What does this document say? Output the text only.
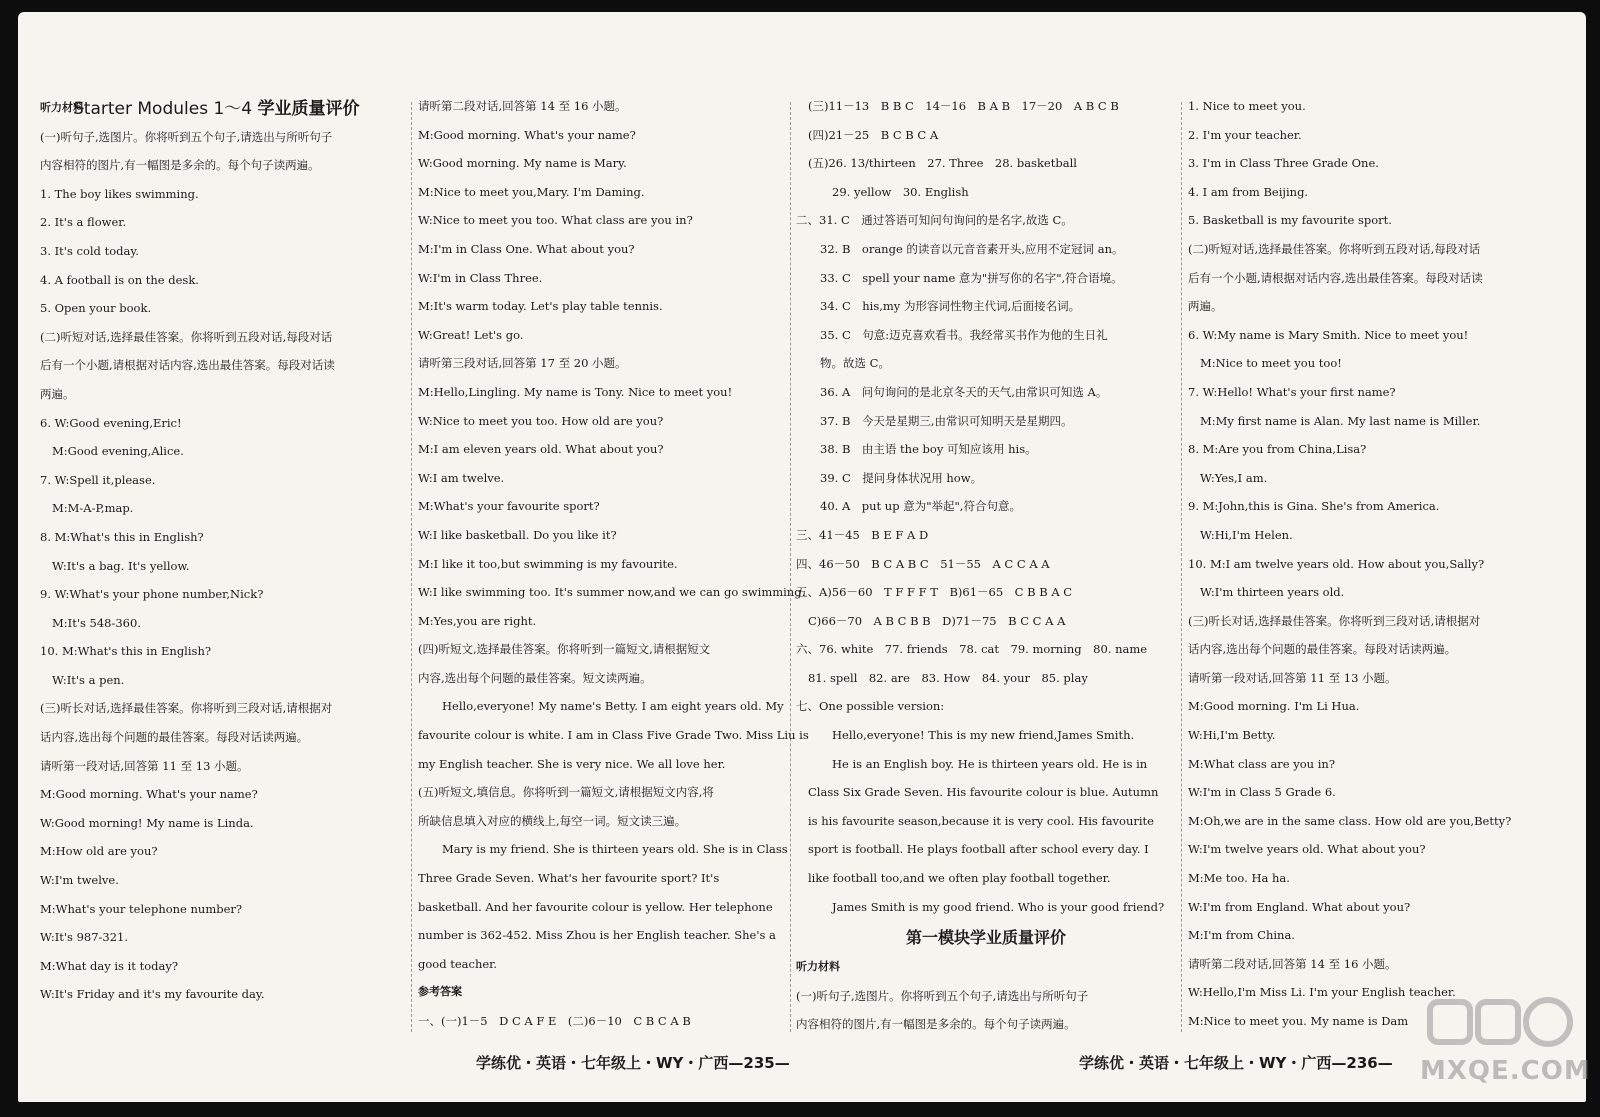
Starter Modules 1～4 学业质量评价

听力材料

(一)听句子,选图片。你将听到五个句子,请选出与所听句子

内容相符的图片,有一幅图是多余的。每个句子读两遍。

1. The boy likes swimming.

2. It's a flower.

3. It's cold today.

4. A football is on the desk.

5. Open your book.

(二)听短对话,选择最佳答案。你将听到五段对话,每段对话

后有一个小题,请根据对话内容,选出最佳答案。每段对话读

两遍。

6. W:Good evening,Eric!

M:Good evening,Alice.

7. W:Spell it,please.

M:M-A-P,map.

8. M:What's this in English?

W:It's a bag. It's yellow.

9. W:What's your phone number,Nick?

M:It's 548-360.

10. M:What's this in English?

W:It's a pen.

(三)听长对话,选择最佳答案。你将听到三段对话,请根据对

话内容,选出每个问题的最佳答案。每段对话读两遍。

请听第一段对话,回答第 11 至 13 小题。

M:Good morning. What's your name?

W:Good morning! My name is Linda.

M:How old are you?

W:I'm twelve.

M:What's your telephone number?

W:It's 987-321.

M:What day is it today?

W:It's Friday and it's my favourite day.

请听第二段对话,回答第 14 至 16 小题。

M:Good morning. What's your name?

W:Good morning. My name is Mary.

M:Nice to meet you,Mary. I'm Daming.

W:Nice to meet you too. What class are you in?

M:I'm in Class One. What about you?

W:I'm in Class Three.

M:It's warm today. Let's play table tennis.

W:Great! Let's go.

请听第三段对话,回答第 17 至 20 小题。

M:Hello,Lingling. My name is Tony. Nice to meet you!

W:Nice to meet you too. How old are you?

M:I am eleven years old. What about you?

W:I am twelve.

M:What's your favourite sport?

W:I like basketball. Do you like it?

M:I like it too,but swimming is my favourite.

W:I like swimming too. It's summer now,and we can go swimming.

M:Yes,you are right.

(四)听短文,选择最佳答案。你将听到一篇短文,请根据短文

内容,选出每个问题的最佳答案。短文读两遍。

Hello,everyone! My name's Betty. I am eight years old. My

favourite colour is white. I am in Class Five Grade Two. Miss Liu is

my English teacher. She is very nice. We all love her.

(五)听短文,填信息。你将听到一篇短文,请根据短文内容,将

所缺信息填入对应的横线上,每空一词。短文读三遍。

Mary is my friend. She is thirteen years old. She is in Class

Three Grade Seven. What's her favourite sport? It's

basketball. And her favourite colour is yellow. Her telephone

number is 362-452. Miss Zhou is her English teacher. She's a

good teacher.

参考答案

一、(一)1－5　D C A F E　(二)6－10　C B C A B

(三)11－13　B B C　14－16　B A B　17－20　A B C B

(四)21－25　B C B C A

(五)26. 13/thirteen　27. Three　28. basketball

29. yellow　30. English

二、31. C　通过答语可知问句询问的是名字,故选 C。

32. B　orange 的读音以元音音素开头,应用不定冠词 an。

33. C　spell your name 意为"拼写你的名字",符合语境。

34. C　his,my 为形容词性物主代词,后面接名词。

35. C　句意:迈克喜欢看书。我经常买书作为他的生日礼

物。故选 C。

36. A　问句询问的是北京冬天的天气,由常识可知选 A。

37. B　今天是星期三,由常识可知明天是星期四。

38. B　由主语 the boy 可知应该用 his。

39. C　提问身体状况用 how。

40. A　put up 意为"举起",符合句意。

三、41－45　B E F A D

四、46－50　B C A B C　51－55　A C C A A

五、A)56－60　T F F F T　B)61－65　C B B A C

C)66－70　A B C B B　D)71－75　B C C A A

六、76. white　77. friends　78. cat　79. morning　80. name

81. spell　82. are　83. How　84. your　85. play

七、One possible version:

Hello,everyone! This is my new friend,James Smith.

He is an English boy. He is thirteen years old. He is in

Class Six Grade Seven. His favourite colour is blue. Autumn

is his favourite season,because it is very cool. His favourite

sport is football. He plays football after school every day. I

like football too,and we often play football together.

James Smith is my good friend. Who is your good friend?

第一模块学业质量评价

听力材料

(一)听句子,选图片。你将听到五个句子,请选出与所听句子

内容相符的图片,有一幅图是多余的。每个句子读两遍。

1. Nice to meet you.

2. I'm your teacher.

3. I'm in Class Three Grade One.

4. I am from Beijing.

5. Basketball is my favourite sport.

(二)听短对话,选择最佳答案。你将听到五段对话,每段对话

后有一个小题,请根据对话内容,选出最佳答案。每段对话读

两遍。

6. W:My name is Mary Smith. Nice to meet you!

M:Nice to meet you too!

7. W:Hello! What's your first name?

M:My first name is Alan. My last name is Miller.

8. M:Are you from China,Lisa?

W:Yes,I am.

9. M:John,this is Gina. She's from America.

W:Hi,I'm Helen.

10. M:I am twelve years old. How about you,Sally?

W:I'm thirteen years old.

(三)听长对话,选择最佳答案。你将听到三段对话,请根据对

话内容,选出每个问题的最佳答案。每段对话读两遍。

请听第一段对话,回答第 11 至 13 小题。

M:Good morning. I'm Li Hua.

W:Hi,I'm Betty.

M:What class are you in?

W:I'm in Class 5 Grade 6.

M:Oh,we are in the same class. How old are you,Betty?

W:I'm twelve years old. What about you?

M:Me too. Ha ha.

W:I'm from England. What about you?

M:I'm from China.

请听第二段对话,回答第 14 至 16 小题。

W:Hello,I'm Miss Li. I'm your English teacher.

M:Nice to meet you. My name is Dam

学练优・英语・七年级上・WY・广西—235—	学练优・英语・七年级上・WY・广西—236— MXQE.COM
